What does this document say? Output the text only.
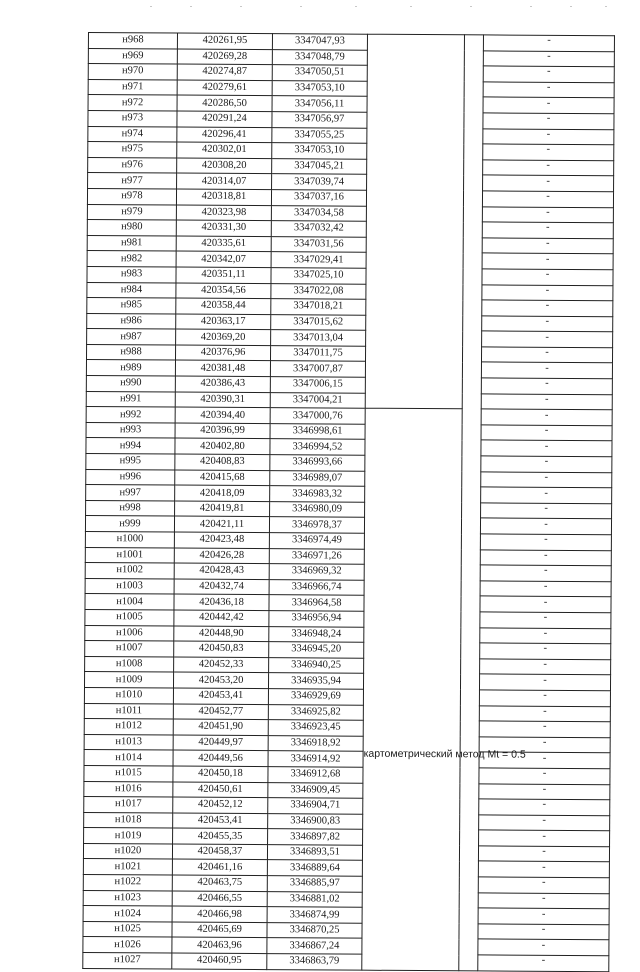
н968	420261,95	3347047,93			-
н969	420269,28	3347048,79			-
н970	420274,87	3347050,51			-
н971	420279,61	3347053,10			-
н972	420286,50	3347056,11			-
н973	420291,24	3347056,97			-
н974	420296,41	3347055,25			-
н975	420302,01	3347053,10			-
н976	420308,20	3347045,21			-
н977	420314,07	3347039,74			-
н978	420318,81	3347037,16			-
н979	420323,98	3347034,58			-
н980	420331,30	3347032,42			-
н981	420335,61	3347031,56			-
н982	420342,07	3347029,41			-
н983	420351,11	3347025,10			-
н984	420354,56	3347022,08			-
н985	420358,44	3347018,21			-
н986	420363,17	3347015,62			-
н987	420369,20	3347013,04			-
н988	420376,96	3347011,75			-
н989	420381,48	3347007,87			-
н990	420386,43	3347006,15			-
н991	420390,31	3347004,21			-
н992	420394,40	3347000,76	картометрический метод Mt = 0.5		-
н993	420396,99	3346998,61			-
н994	420402,80	3346994,52			-
н995	420408,83	3346993,66			-
н996	420415,68	3346989,07			-
н997	420418,09	3346983,32			-
н998	420419,81	3346980,09			-
н999	420421,11	3346978,37			-
н1000	420423,48	3346974,49			-
н1001	420426,28	3346971,26			-
н1002	420428,43	3346969,32			-
н1003	420432,74	3346966,74			-
н1004	420436,18	3346964,58			-
н1005	420442,42	3346956,94			-
н1006	420448,90	3346948,24			-
н1007	420450,83	3346945,20			-
н1008	420452,33	3346940,25			-
н1009	420453,20	3346935,94			-
н1010	420453,41	3346929,69			-
н1011	420452,77	3346925,82			-
н1012	420451,90	3346923,45			-
н1013	420449,97	3346918,92			-
н1014	420449,56	3346914,92			-
н1015	420450,18	3346912,68			-
н1016	420450,61	3346909,45			-
н1017	420452,12	3346904,71			-
н1018	420453,41	3346900,83			-
н1019	420455,35	3346897,82			-
н1020	420458,37	3346893,51			-
н1021	420461,16	3346889,64			-
н1022	420463,75	3346885,97			-
н1023	420466,55	3346881,02			-
н1024	420466,98	3346874,99			-
н1025	420465,69	3346870,25			-
н1026	420463,96	3346867,24			-
н1027	420460,95	3346863,79			-
